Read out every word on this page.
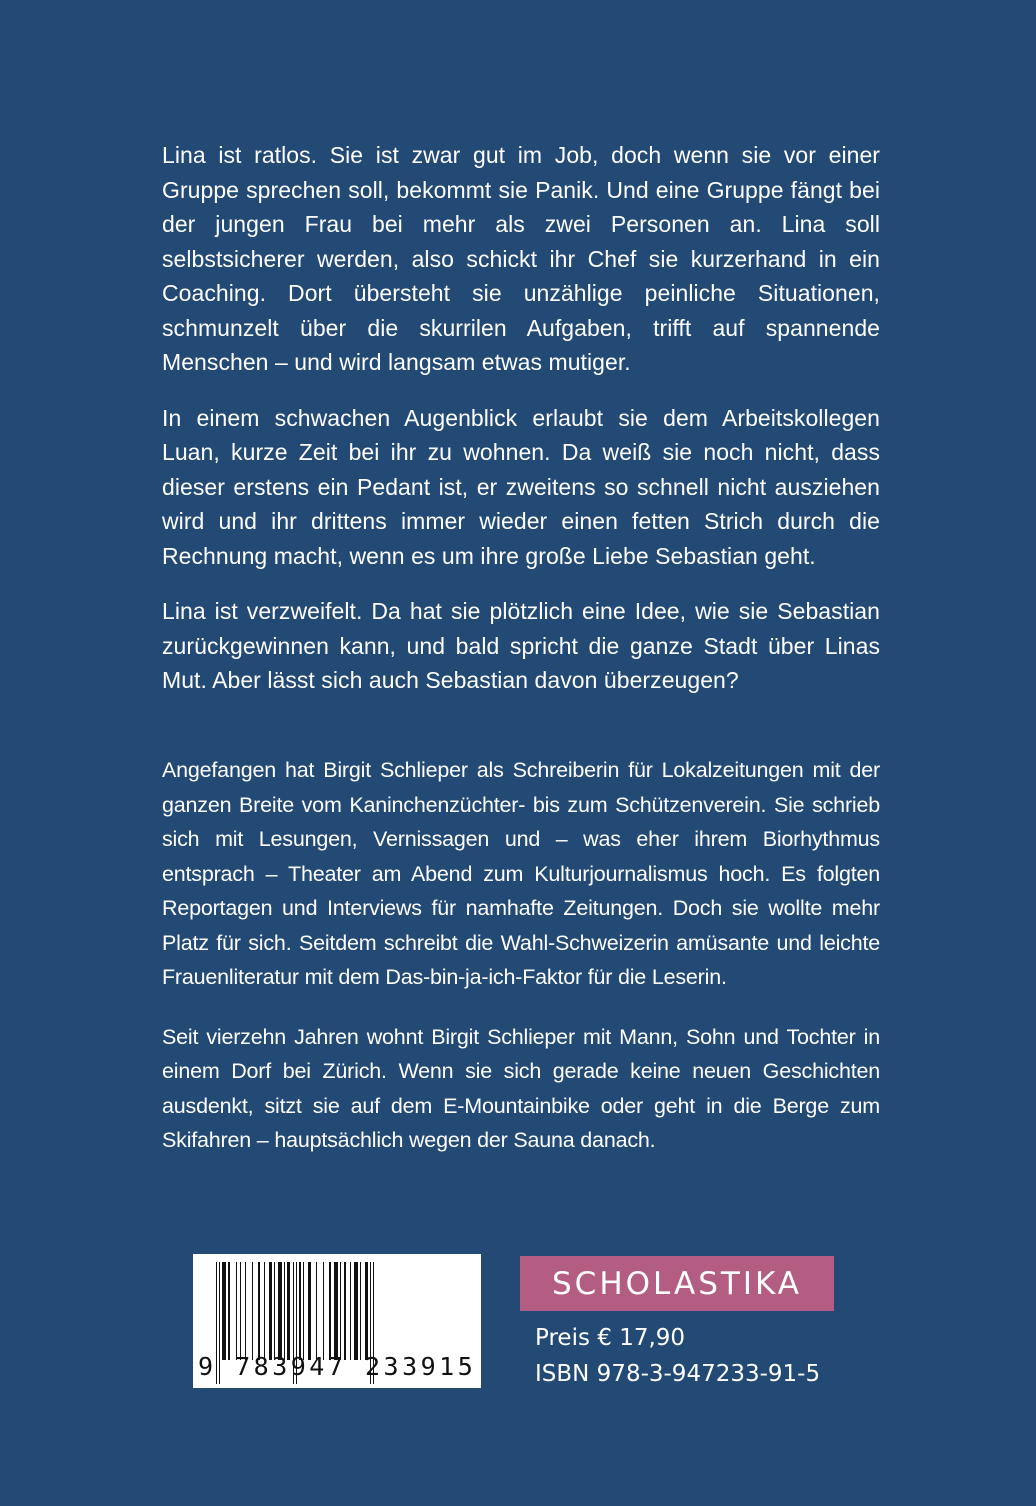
Lina ist ratlos. Sie ist zwar gut im Job, doch wenn sie vor einer Gruppe sprechen soll, bekommt sie Panik. Und eine Gruppe fängt bei der jungen Frau bei mehr als zwei Personen an. Lina soll selbstsicherer werden, also schickt ihr Chef sie kurzerhand in ein Coaching. Dort übersteht sie unzählige peinliche Situationen, schmunzelt über die skurrilen Aufgaben, trifft auf spannende Menschen – und wird langsam etwas mutiger.

In einem schwachen Augenblick erlaubt sie dem Arbeitskollegen Luan, kurze Zeit bei ihr zu wohnen. Da weiß sie noch nicht, dass dieser erstens ein Pedant ist, er zweitens so schnell nicht ausziehen wird und ihr drittens immer wieder einen fetten Strich durch die Rechnung macht, wenn es um ihre große Liebe Sebastian geht.

Lina ist verzweifelt. Da hat sie plötzlich eine Idee, wie sie Sebastian zurückgewinnen kann, und bald spricht die ganze Stadt über Linas Mut. Aber lässt sich auch Sebastian davon überzeugen?

Angefangen hat Birgit Schlieper als Schreiberin für Lokalzeitungen mit der ganzen Breite vom Kaninchenzüchter- bis zum Schützenverein. Sie schrieb sich mit Lesungen, Vernissagen und – was eher ihrem Biorhythmus entsprach – Theater am Abend zum Kulturjournalismus hoch. Es folgten Reportagen und Interviews für namhafte Zeitungen. Doch sie wollte mehr Platz für sich. Seitdem schreibt die Wahl-Schweizerin amüsante und leichte Frauenliteratur mit dem Das-bin-ja-ich-Faktor für die Leserin.

Seit vierzehn Jahren wohnt Birgit Schlieper mit Mann, Sohn und Tochter in einem Dorf bei Zürich. Wenn sie sich gerade keine neuen Geschichten ausdenkt, sitzt sie auf dem E-Mountainbike oder geht in die Berge zum Skifahren – hauptsächlich wegen der Sauna danach.

9 783947 233915
SCHOLASTIKA
Preis € 17,90
ISBN 978-3-947233-91-5
